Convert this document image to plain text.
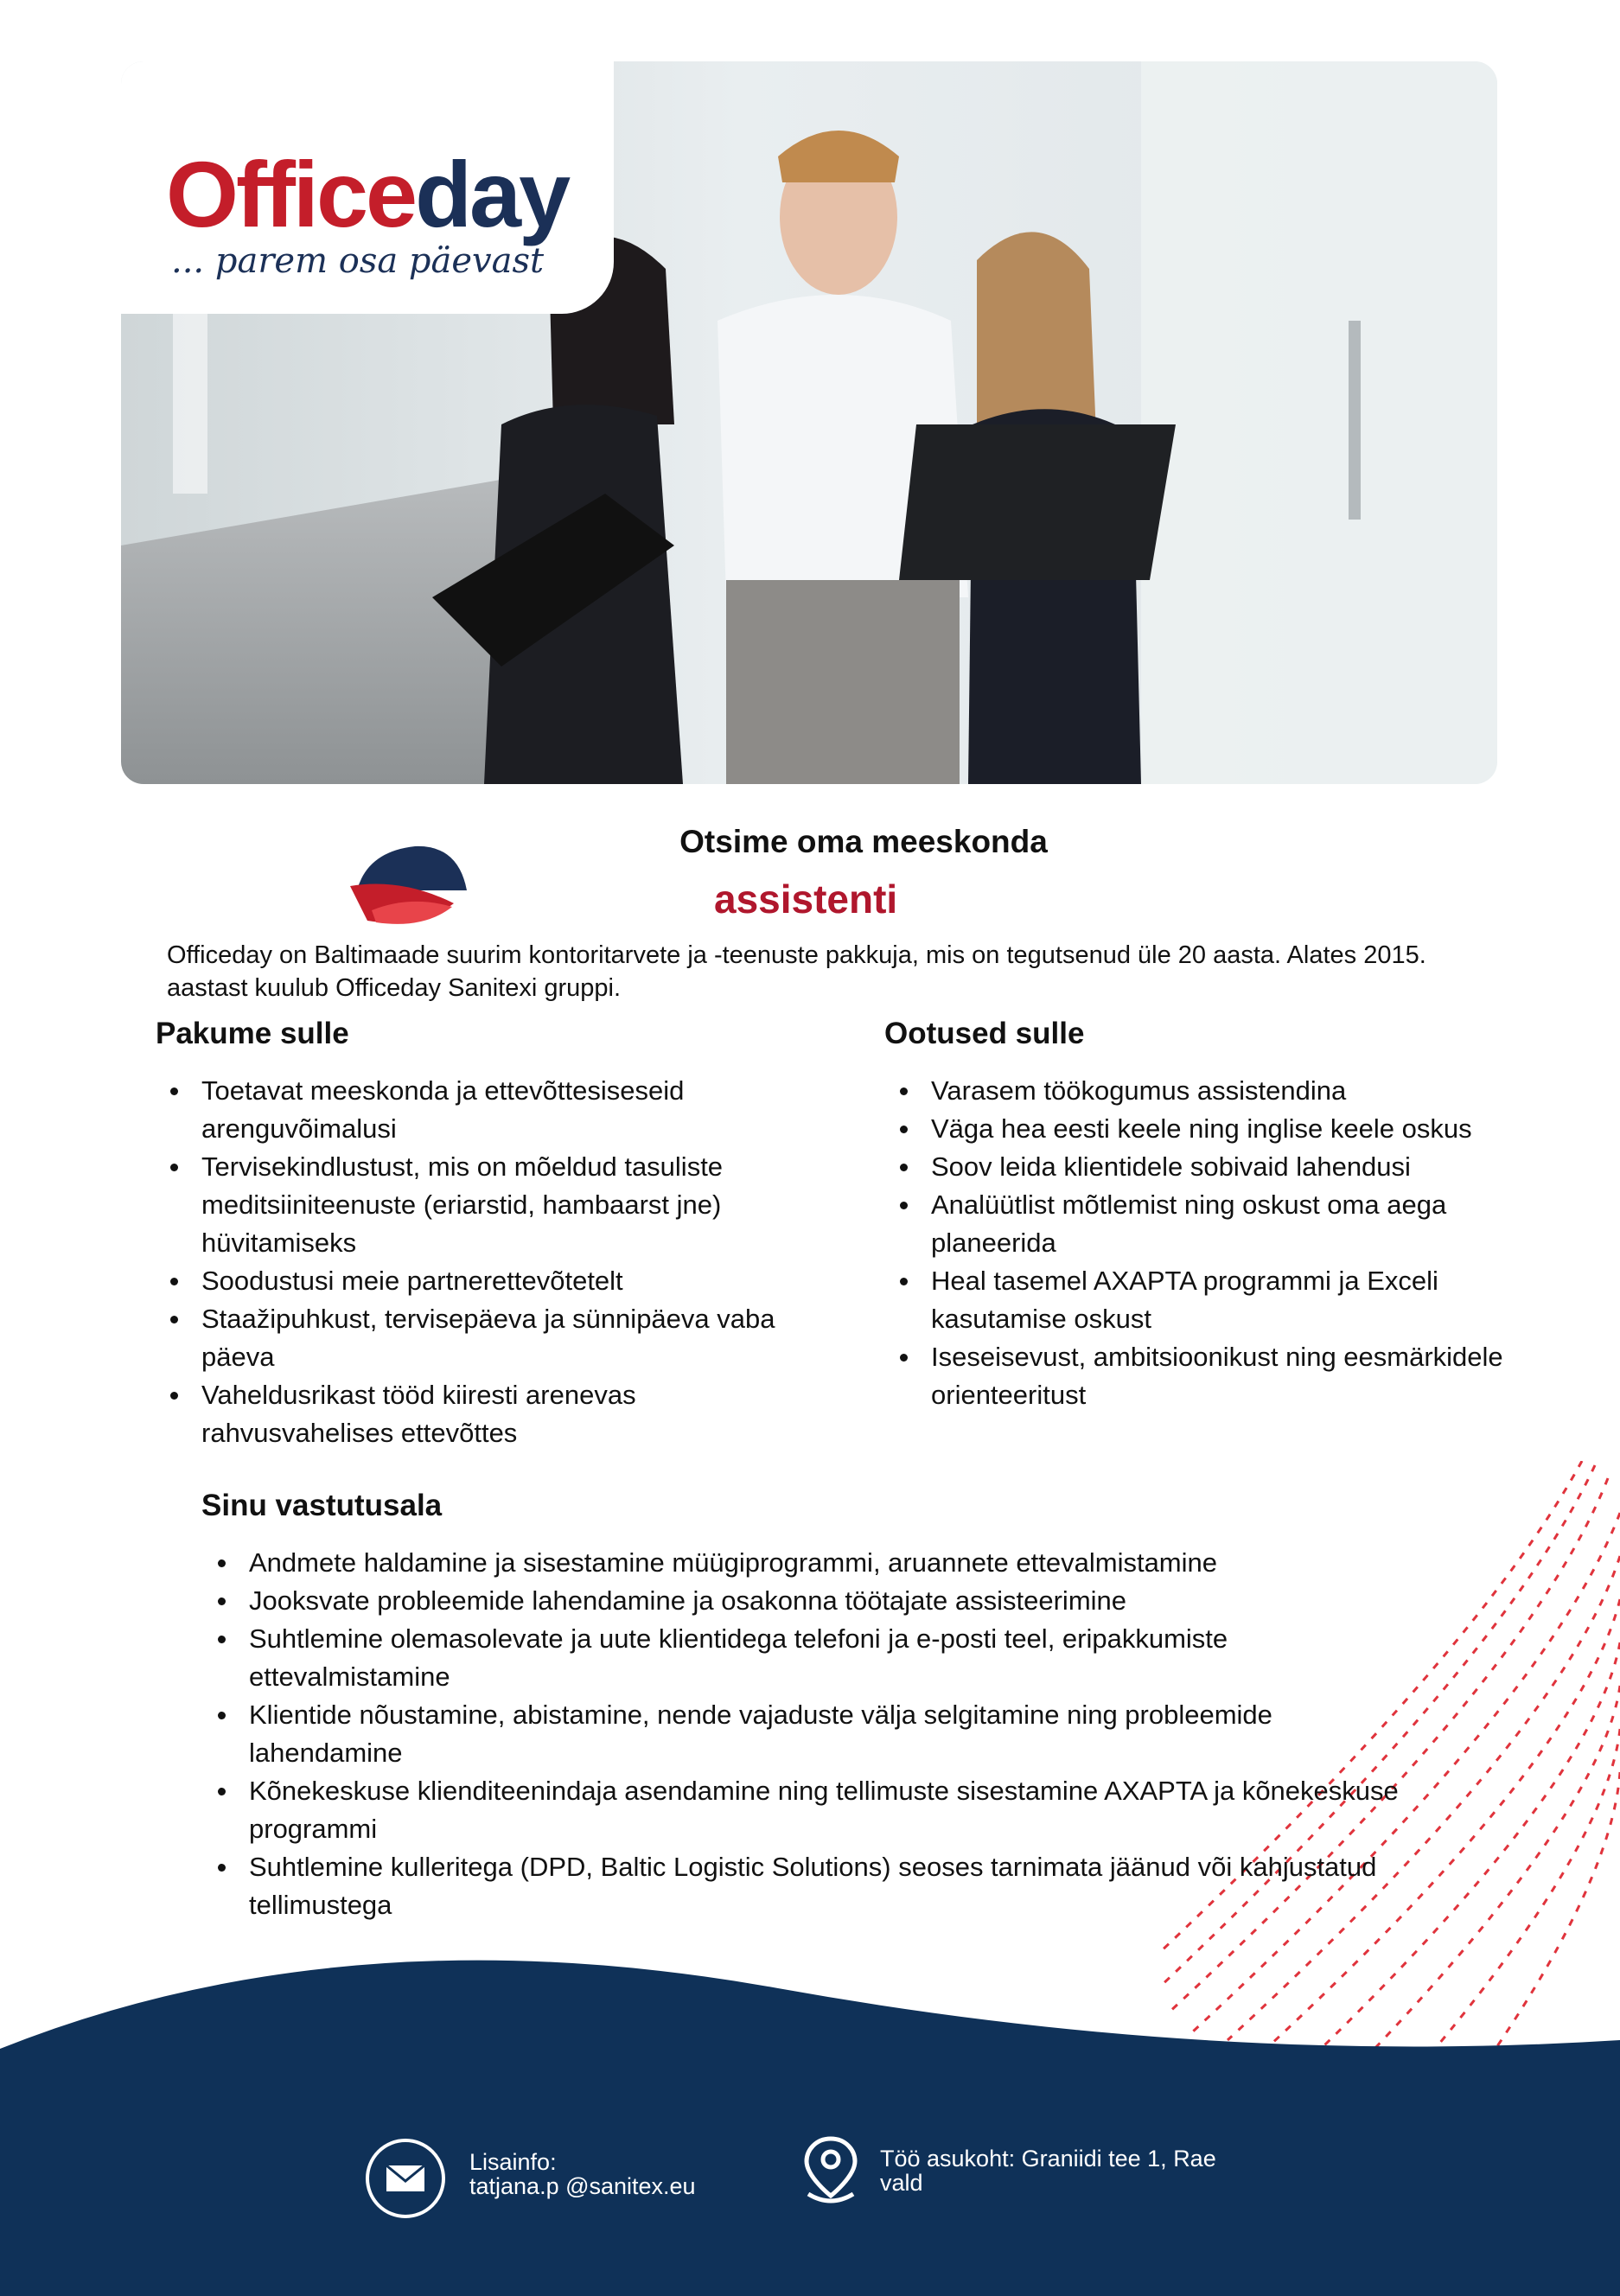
Officeday
... parem osa päevast
Otsime oma meeskonda
assistenti
Officeday on Baltimaade suurim kontoritarvete ja -teenuste pakkuja, mis on tegutsenud üle 20 aasta. Alates 2015. aastast kuulub Officeday Sanitexi gruppi.
Pakume sulle
Toetavat meeskonda ja ettevõttesiseseid arenguvõimalusi
Tervisekindlustust, mis on mõeldud tasuliste meditsiiniteenuste (eriarstid, hambaarst jne) hüvitamiseks
Soodustusi meie partnerettevõtetelt
Staažipuhkust, tervisepäeva ja sünnipäeva vaba päeva
Vaheldusrikast tööd kiiresti arenevas rahvusvahelises ettevõttes
Ootused sulle
Varasem töökogumus assistendina
Väga hea eesti keele ning inglise keele oskus
Soov leida klientidele sobivaid lahendusi
Analüütlist mõtlemist ning oskust oma aega planeerida
Heal tasemel AXAPTA programmi ja Exceli kasutamise oskust
Iseseisevust, ambitsioonikust ning eesmärkidele orienteeritust
Sinu vastutusala
Andmete haldamine ja sisestamine müügiprogrammi, aruannete ettevalmistamine
Jooksvate probleemide lahendamine ja osakonna töötajate assisteerimine
Suhtlemine olemasolevate ja uute klientidega telefoni ja e-posti teel, eripakkumiste ettevalmistamine
Klientide nõustamine, abistamine, nende vajaduste välja selgitamine ning probleemide lahendamine
Kõnekeskuse klienditeenindaja asendamine ning tellimuste sisestamine AXAPTA ja kõnekeskuse programmi
Suhtlemine kulleritega (DPD, Baltic Logistic Solutions) seoses tarnimata jäänud või kahjustatud tellimustega
Lisainfo:
tatjana.p @sanitex.eu
Töö asukoht: Graniidi tee 1, Rae vald
